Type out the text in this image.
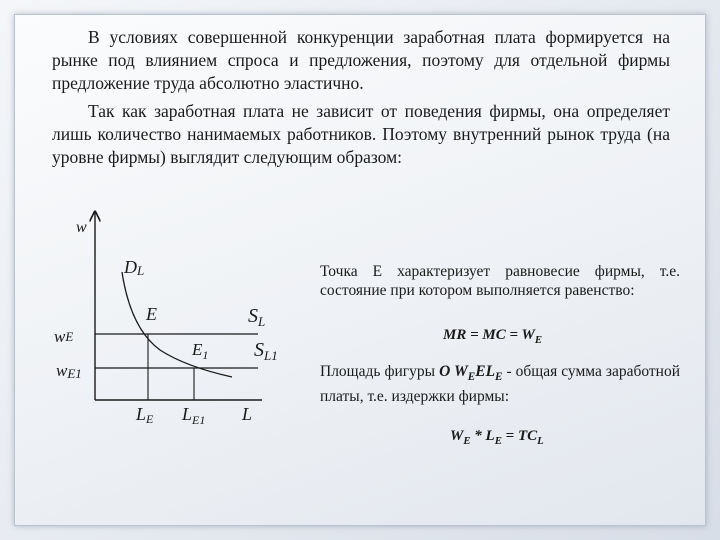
В условиях совершенной конкуренции заработная плата формируется на рынке под влиянием спроса и предложения, поэтому для отдельной фирмы предложение труда абсолютно эластично.

Так как заработная плата не зависит от поведения фирмы, она определяет лишь количество нанимаемых работников. Поэтому внутренний рынок труда (на уровне фирмы) выглядит следующим образом:

w
DL
E
$E_1$
$S_L$
$S_{L1}$
wE
wE1
LE $L_{E1}$ L

Точка E характеризует равновесие фирмы, т.е. состояние при котором выполняется равенство:

MR = MC = $W_E$

Площадь фигуры O $W_EEL_E$ - общая сумма заработной платы, т.е. издержки фирмы:

$W_E * L_E = TC_L$
